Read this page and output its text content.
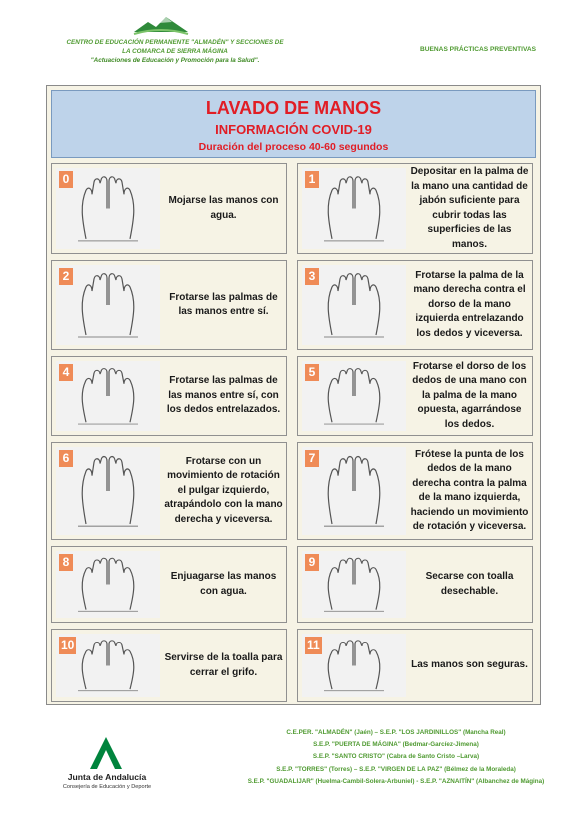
CENTRO DE EDUCACIÓN PERMANENTE "ALMADÉN" Y SECCIONES DE
LA COMARCA DE SIERRA MÁGINA
"Actuaciones de Educación y Promoción para la Salud".
BUENAS PRÁCTICAS PREVENTIVAS
LAVADO DE MANOS
INFORMACIÓN COVID-19
Duración del proceso 40-60 segundos
0
Mojarse las manos con agua.
1
Depositar en la palma de la mano una cantidad de jabón suficiente para cubrir todas las superficies de las manos.
2
Frotarse las palmas de las manos entre sí.
3	Frotarse la palma de la mano derecha contra el dorso de la mano izquierda entrelazando los dedos y viceversa.
4
Frotarse las palmas de las manos entre sí, con los dedos entrelazados.
5	Frotarse el dorso de los dedos de una mano con la palma de la mano opuesta, agarrándose los dedos.
6	Frotarse con un movimiento de rotación el pulgar izquierdo, atrapándolo con la mano derecha y viceversa.
7	Frótese la punta de los dedos de la mano derecha contra la palma de la mano izquierda, haciendo un movimiento de rotación y viceversa.
8
Enjuagarse las manos con agua.
9
Secarse con toalla desechable.
10
Servirse de la toalla para cerrar el grifo.
11
Las manos son seguras.
Junta de Andalucía
Consejería de Educación y Deporte
C.E.PER. "ALMADÉN" (Jaén) – S.E.P. "LOS JARDINILLOS" (Mancha Real)
S.E.P. "PUERTA DE MÁGINA" (Bedmar-Garcíez-Jimena)
S.E.P. "SANTO CRISTO" (Cabra de Santo Cristo –Larva)
S.E.P. "TORRES" (Torres) – S.E.P. "VIRGEN DE LA PAZ" (Bélmez de la Moraleda)
S.E.P. "GUADALIJAR" (Huelma-Cambil-Solera-Arbuniel) - S.E.P. "AZNAITÍN" (Albanchez de Mágina)
